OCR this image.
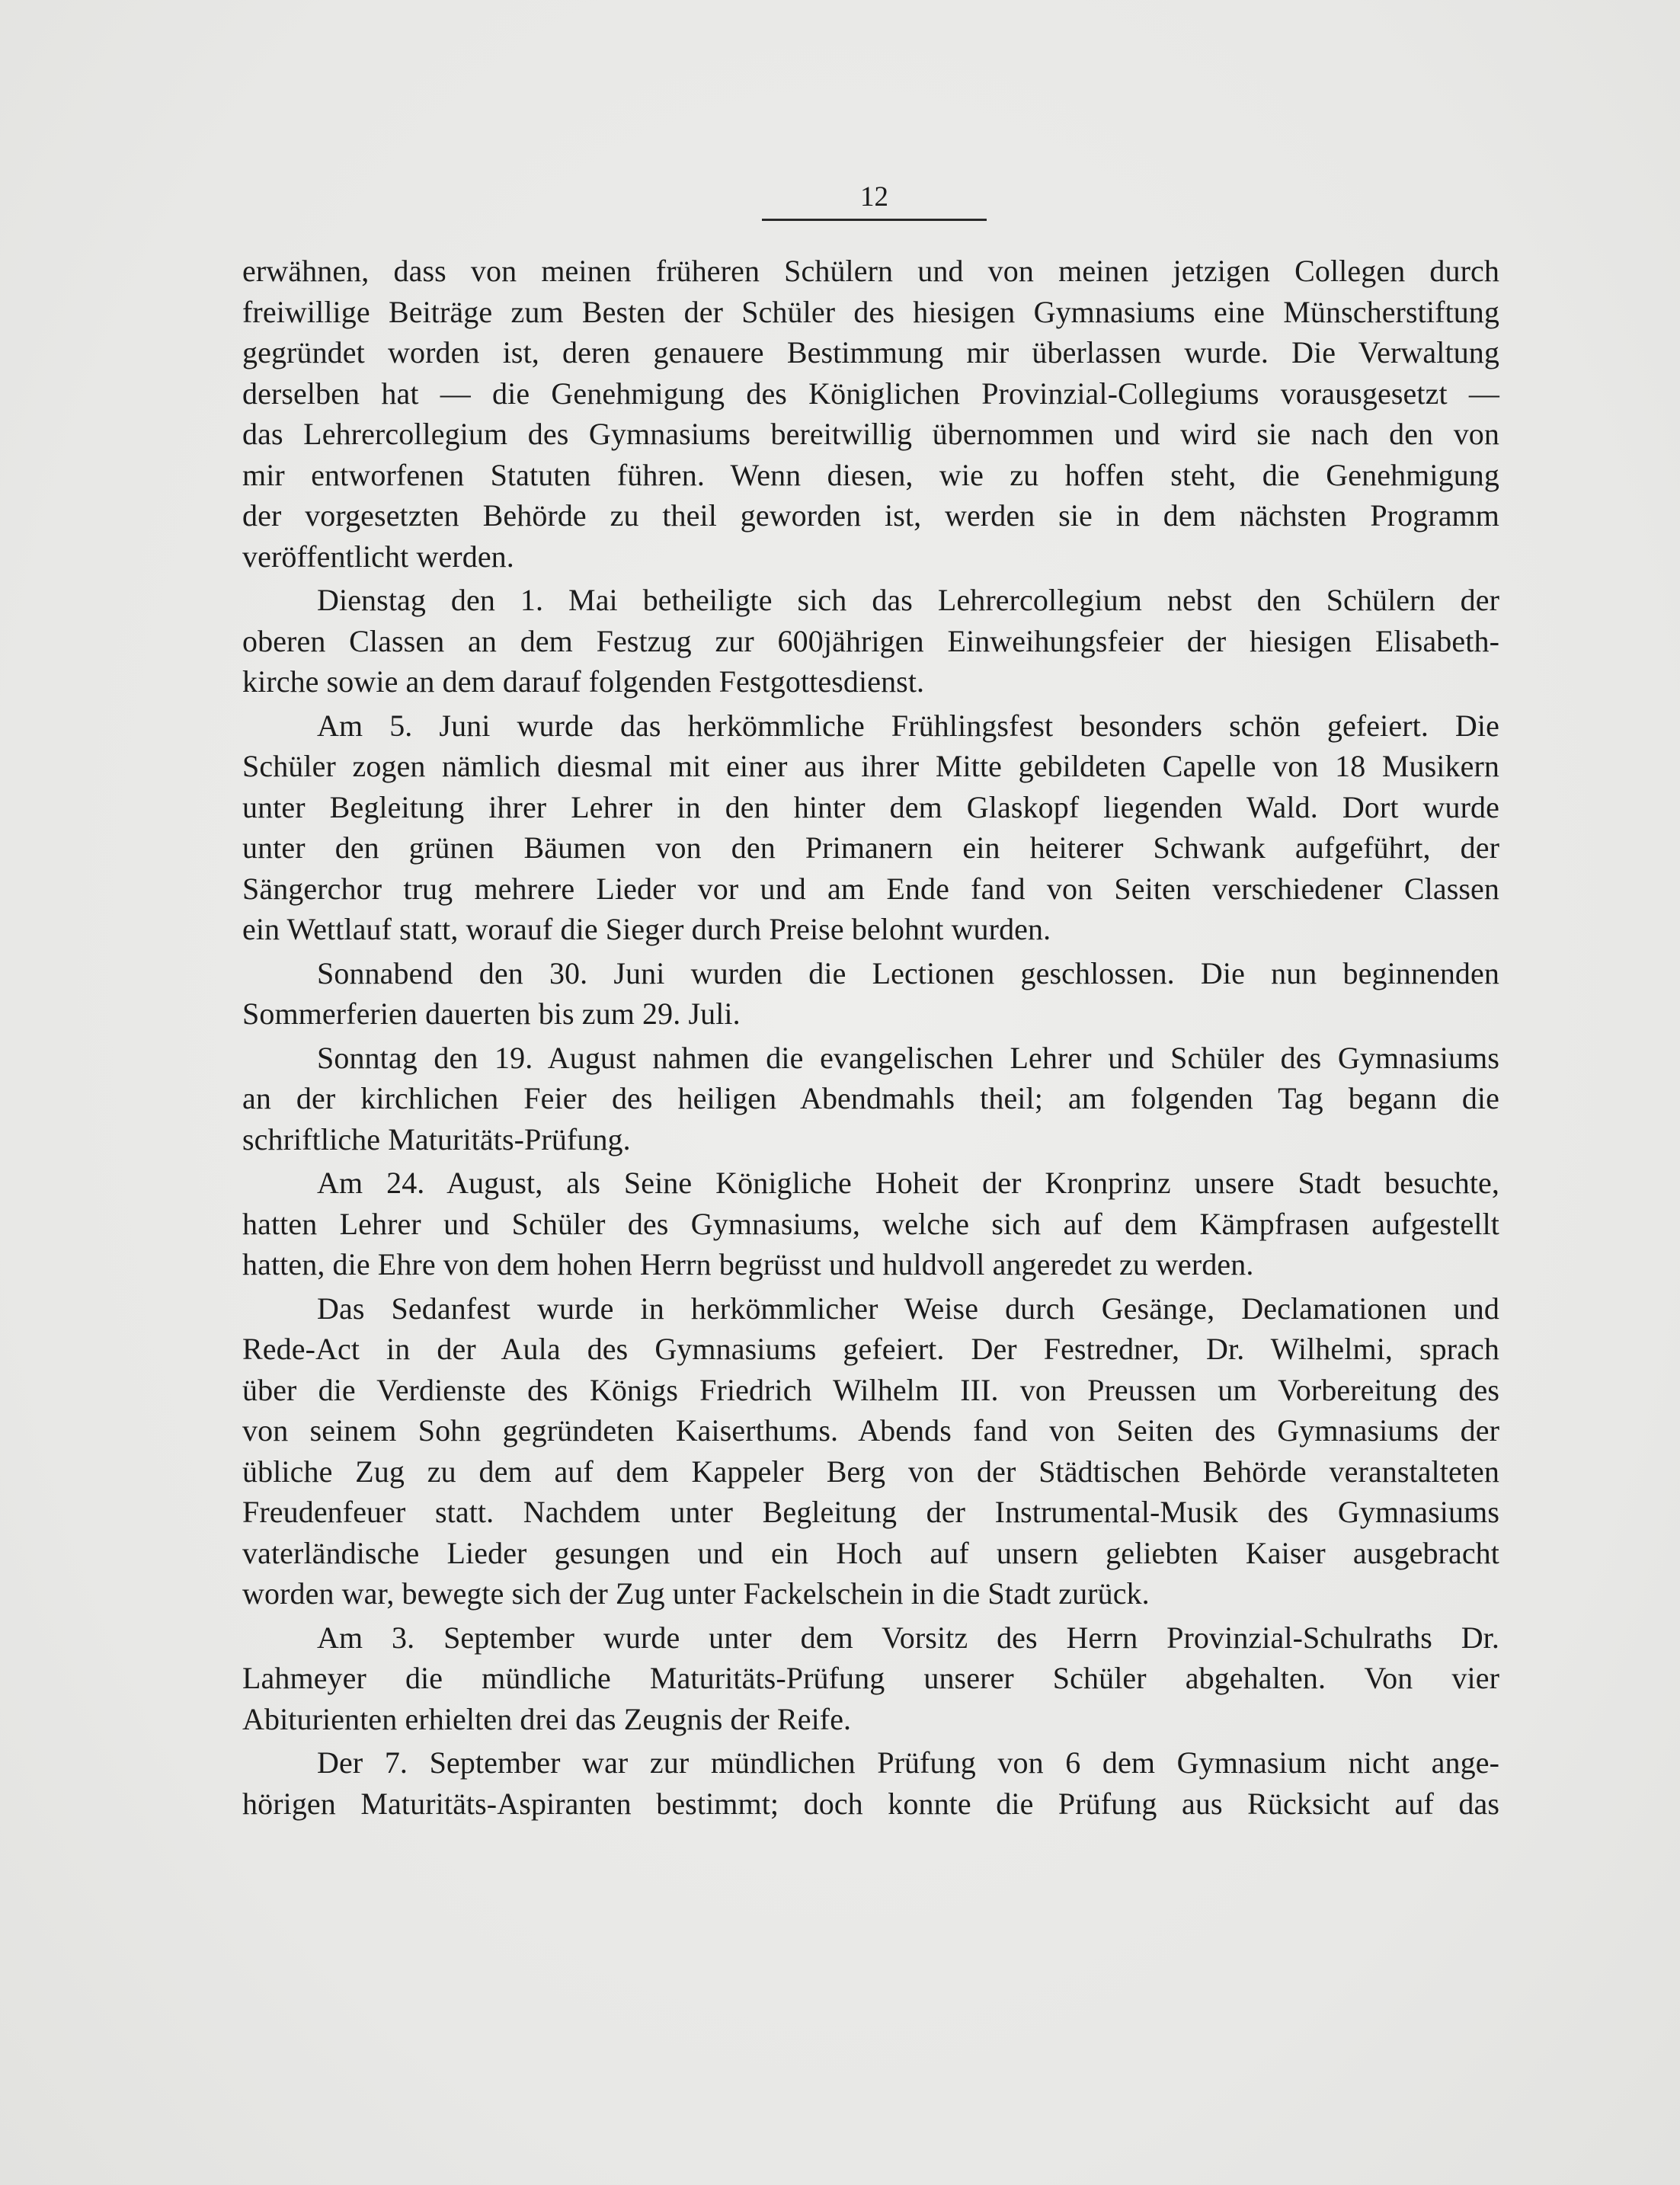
12

erwähnen, dass von meinen früheren Schülern und von meinen jetzigen Collegen durch
freiwillige Beiträge zum Besten der Schüler des hiesigen Gymnasiums eine Münscherstiftung
gegründet worden ist, deren genauere Bestimmung mir überlassen wurde. Die Verwaltung
derselben hat — die Genehmigung des Königlichen Provinzial-Collegiums vorausgesetzt —
das Lehrercollegium des Gymnasiums bereitwillig übernommen und wird sie nach den von
mir entworfenen Statuten führen. Wenn diesen, wie zu hoffen steht, die Genehmigung
der vorgesetzten Behörde zu theil geworden ist, werden sie in dem nächsten Programm
veröffentlicht werden.

Dienstag den 1. Mai betheiligte sich das Lehrercollegium nebst den Schülern der
oberen Classen an dem Festzug zur 600jährigen Einweihungsfeier der hiesigen Elisabeth-
kirche sowie an dem darauf folgenden Festgottesdienst.

Am 5. Juni wurde das herkömmliche Frühlingsfest besonders schön gefeiert. Die
Schüler zogen nämlich diesmal mit einer aus ihrer Mitte gebildeten Capelle von 18 Musikern
unter Begleitung ihrer Lehrer in den hinter dem Glaskopf liegenden Wald. Dort wurde
unter den grünen Bäumen von den Primanern ein heiterer Schwank aufgeführt, der
Sängerchor trug mehrere Lieder vor und am Ende fand von Seiten verschiedener Classen
ein Wettlauf statt, worauf die Sieger durch Preise belohnt wurden.

Sonnabend den 30. Juni wurden die Lectionen geschlossen. Die nun beginnenden
Sommerferien dauerten bis zum 29. Juli.

Sonntag den 19. August nahmen die evangelischen Lehrer und Schüler des Gymnasiums
an der kirchlichen Feier des heiligen Abendmahls theil; am folgenden Tag begann die
schriftliche Maturitäts-Prüfung.

Am 24. August, als Seine Königliche Hoheit der Kronprinz unsere Stadt besuchte,
hatten Lehrer und Schüler des Gymnasiums, welche sich auf dem Kämpfrasen aufgestellt
hatten, die Ehre von dem hohen Herrn begrüsst und huldvoll angeredet zu werden.

Das Sedanfest wurde in herkömmlicher Weise durch Gesänge, Declamationen und
Rede-Act in der Aula des Gymnasiums gefeiert. Der Festredner, Dr. Wilhelmi, sprach
über die Verdienste des Königs Friedrich Wilhelm III. von Preussen um Vorbereitung des
von seinem Sohn gegründeten Kaiserthums. Abends fand von Seiten des Gymnasiums der
übliche Zug zu dem auf dem Kappeler Berg von der Städtischen Behörde veranstalteten
Freudenfeuer statt. Nachdem unter Begleitung der Instrumental-Musik des Gymnasiums
vaterländische Lieder gesungen und ein Hoch auf unsern geliebten Kaiser ausgebracht
worden war, bewegte sich der Zug unter Fackelschein in die Stadt zurück.

Am 3. September wurde unter dem Vorsitz des Herrn Provinzial-Schulraths Dr.
Lahmeyer die mündliche Maturitäts-Prüfung unserer Schüler abgehalten. Von vier
Abiturienten erhielten drei das Zeugnis der Reife.

Der 7. September war zur mündlichen Prüfung von 6 dem Gymnasium nicht ange-
hörigen Maturitäts-Aspiranten bestimmt; doch konnte die Prüfung aus Rücksicht auf das
